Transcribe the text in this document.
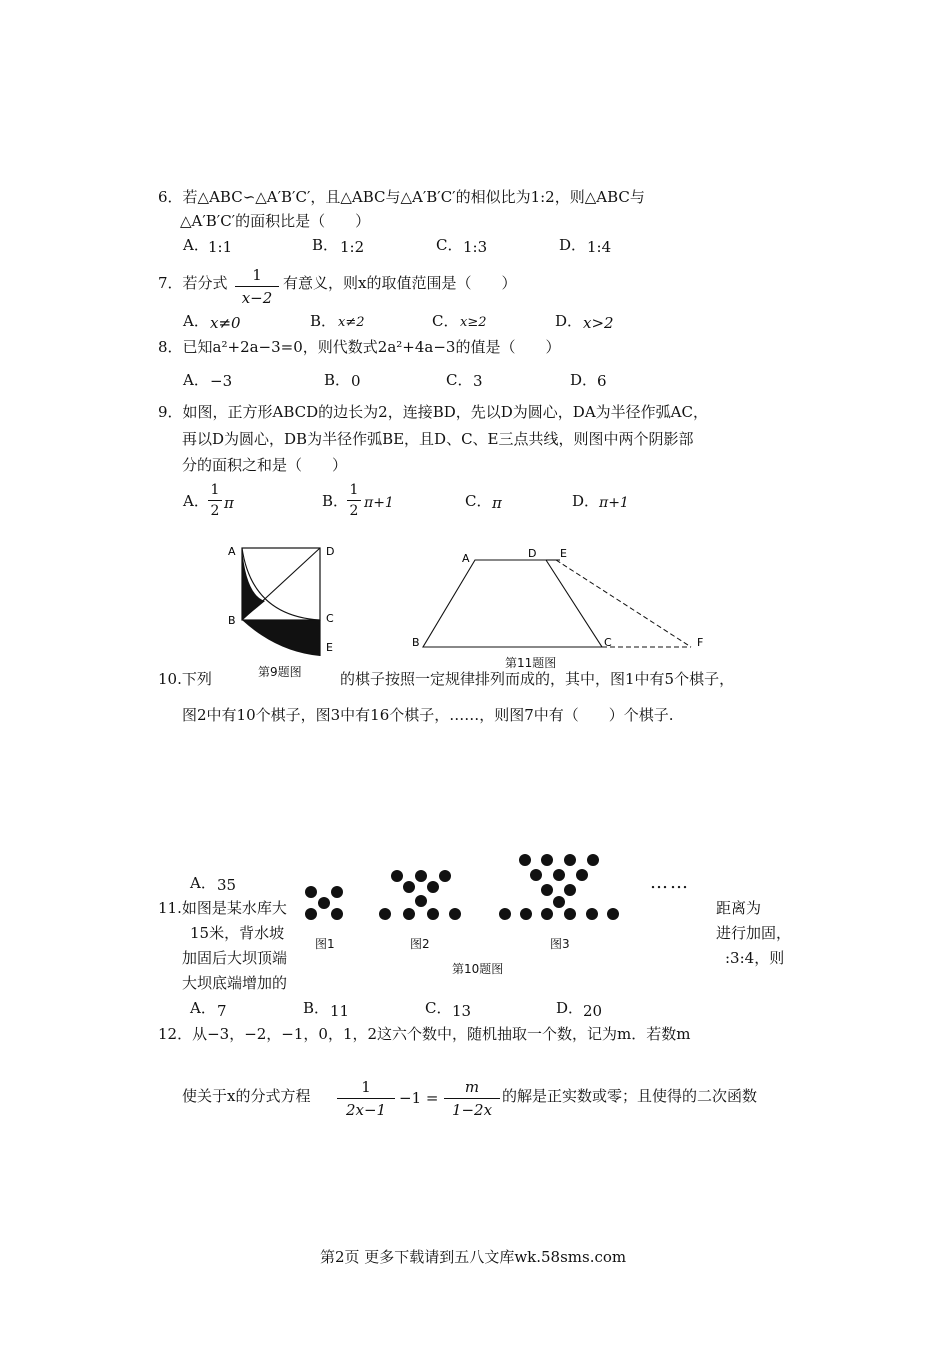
6．若△ABC∽△A′B′C′，且△ABC与△A′B′C′的相似比为1:2，则△ABC与
△A′B′C′的面积比是（　　）
A． 1:1	B． 1:2	C． 1:3	D． 1:4
7．若分式	1
x−2
有意义，则x的取值范围是（　　）
A． x≠0	B． x≠2	C． x≥2	D． x>2
8．已知a²+2a−3=0，则代数式2a²+4a−3的值是（　　）
A． −3	B． 0	C． 3	D． 6
9．如图，正方形ABCD的边长为2，连接BD，先以D为圆心，DA为半径作弧AC，
再以D为圆心，DB为半径作弧BE，且D、C、E三点共线，则图中两个阴影部
分的面积之和是（　　）
A．
1
2 π	B．
1
2 π+1	C． π	D． π+1
A	D
B	C
E
第9题图
A	D E
B	C	F
第11题图
10.下列	的棋子按照一定规律排列而成的，其中，图1中有5个棋子，
图2中有10个棋子，图3中有16个棋子，……，则图7中有（　　）个棋子.
A． 35	……
图1	图2	图3
第10题图
11.如图是某水库大	距离为
15米，背水坡	进行加固，
加固后大坝顶端	:3:4，则
大坝底端增加的
A． 7	B． 11	C． 13	D． 20
12．从−3，−2，−1，0，1，2这六个数中，随机抽取一个数，记为m．若数m
使关于x的分式方程	1
2x−1
−1 =
m
1−2x
的解是正实数或零；且使得的二次函数
第2页 更多下载请到五八文库wk.58sms.com
